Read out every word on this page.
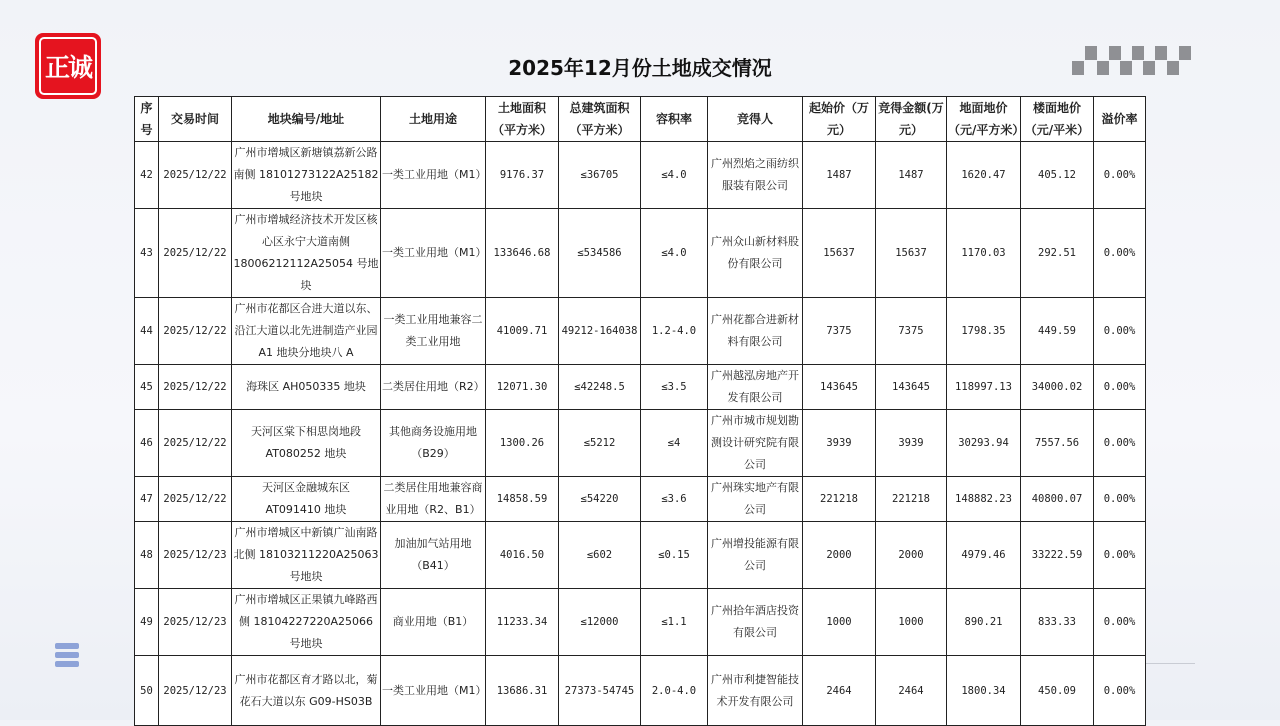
正诚	2025年12月份土地成交情况
序号	交易时间	地块编号/地址	土地用途	土地面积（平方米）	总建筑面积（平方米）	容积率	竞得人	起始价（万元）	竞得金额(万元）	地面地价（元/平方米）	楼面地价（元/平米）	溢价率
42	2025/12/22	广州市增城区新塘镇荔新公路南侧 18101273122A25182 号地块	一类工业用地（M1）	9176.37	≤36705	≤4.0	广州烈焰之雨纺织服装有限公司	1487	1487	1620.47	405.12	0.00%
43	2025/12/22	广州市增城经济技术开发区核心区永宁大道南侧 18006212112A25054 号地块	一类工业用地（M1）	133646.68	≤534586	≤4.0	广州众山新材料股份有限公司	15637	15637	1170.03	292.51	0.00%
44	2025/12/22	广州市花都区合进大道以东、沿江大道以北先进制造产业园 A1 地块分地块八 A	一类工业用地兼容二类工业用地	41009.71	49212-164038	1.2-4.0	广州花都合进新材料有限公司	7375	7375	1798.35	449.59	0.00%
45	2025/12/22	海珠区 AH050335 地块	二类居住用地（R2）	12071.30	≤42248.5	≤3.5	广州越泓房地产开发有限公司	143645	143645	118997.13	34000.02	0.00%
46	2025/12/22	天河区棠下相思岗地段 AT080252 地块	其他商务设施用地（B29）	1300.26	≤5212	≤4	广州市城市规划勘测设计研究院有限公司	3939	3939	30293.94	7557.56	0.00%
47	2025/12/22	天河区金融城东区 AT091410 地块	二类居住用地兼容商业用地（R2、B1）	14858.59	≤54220	≤3.6	广州珠实地产有限公司	221218	221218	148882.23	40800.07	0.00%
48	2025/12/23	广州市增城区中新镇广汕南路北侧 18103211220A25063 号地块	加油加气站用地（B41）	4016.50	≤602	≤0.15	广州增投能源有限公司	2000	2000	4979.46	33222.59	0.00%
49	2025/12/23	广州市增城区正果镇九峰路西侧 18104227220A25066 号地块	商业用地（B1）	11233.34	≤12000	≤1.1	广州拾年酒店投资有限公司	1000	1000	890.21	833.33	0.00%
50	2025/12/23	广州市花都区育才路以北，菊花石大道以东 G09-HS03B	一类工业用地（M1）	13686.31	27373-54745	2.0-4.0	广州市利捷智能技术开发有限公司	2464	2464	1800.34	450.09	0.00%
